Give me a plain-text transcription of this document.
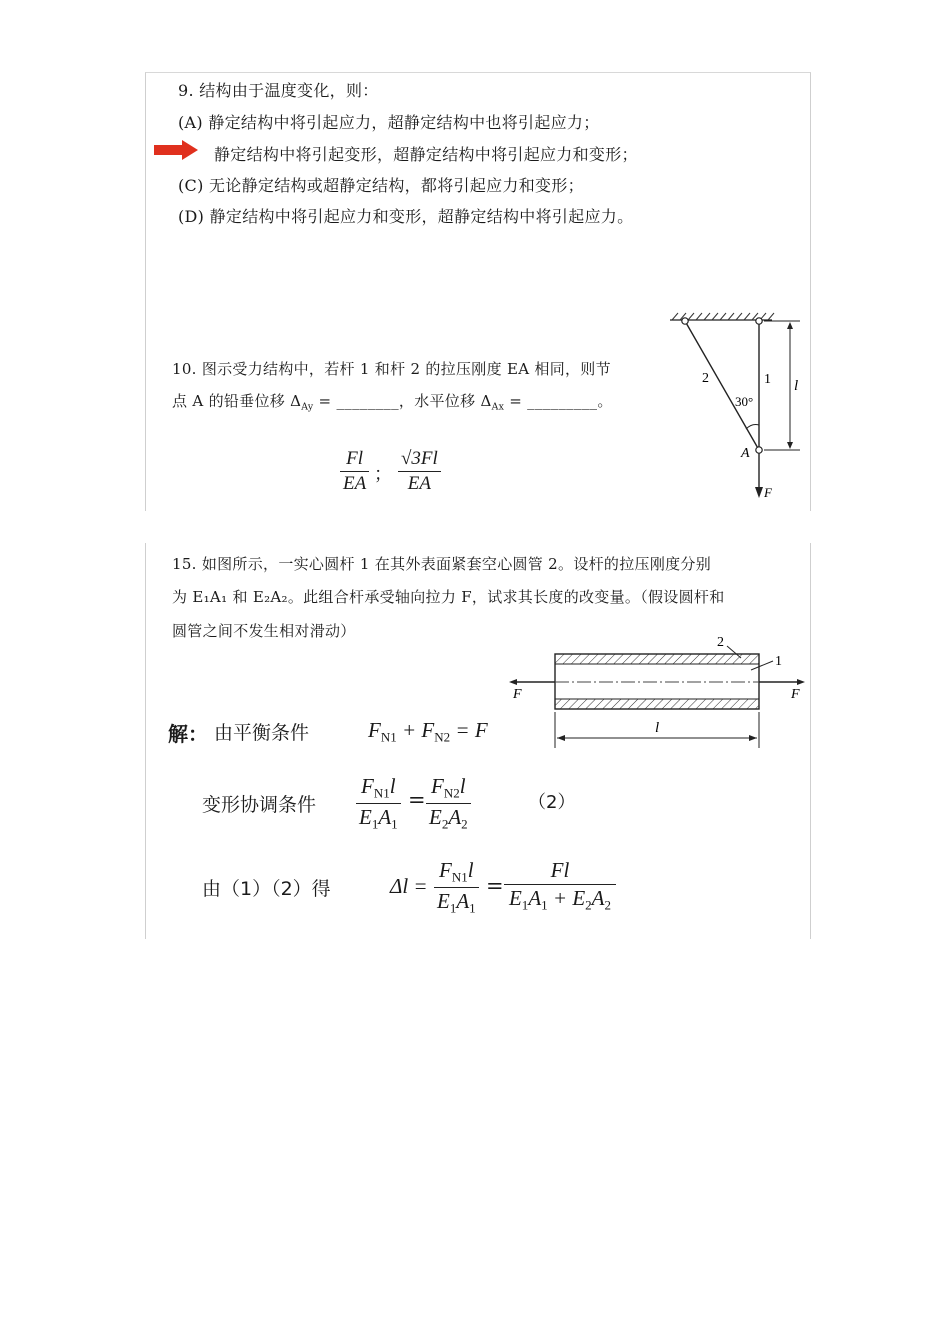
9. 结构由于温度变化，则：
(A) 静定结构中将引起应力，超静定结构中也将引起应力；
静定结构中将引起变形，超静定结构中将引起应力和变形；
(C) 无论静定结构或超静定结构，都将引起应力和变形；
(D) 静定结构中将引起应力和变形，超静定结构中将引起应力。
10. 图示受力结构中，若杆 1 和杆 2 的拉压刚度 EA 相同，则节
点 A 的铅垂位移 $\Delta_{Ay}$ = ________，水平位移 $\Delta_{Ax}$ = _________。
Fl
EA ；
√3Fl
EA
2	1
30°
A
l
F
15. 如图所示，一实心圆杆 1 在其外表面紧套空心圆管 2。设杆的拉压刚度分别
为 E₁A₁ 和 E₂A₂。此组合杆承受轴向拉力 F，试求其长度的改变量。（假设圆杆和
圆管之间不发生相对滑动）
2
1
F	F
l
解： 由平衡条件	$F_{N1} + F_{N2} = F$
变形协调条件
$F_{N1}l$
$E_1A_1$
=
$F_{N2}l$
$E_2A_2$
（2）
由（1）（2）得	Δl =
$F_{N1}l$
$E_1A_1$
=
Fl
$E_1A_1 + E_2A_2$
